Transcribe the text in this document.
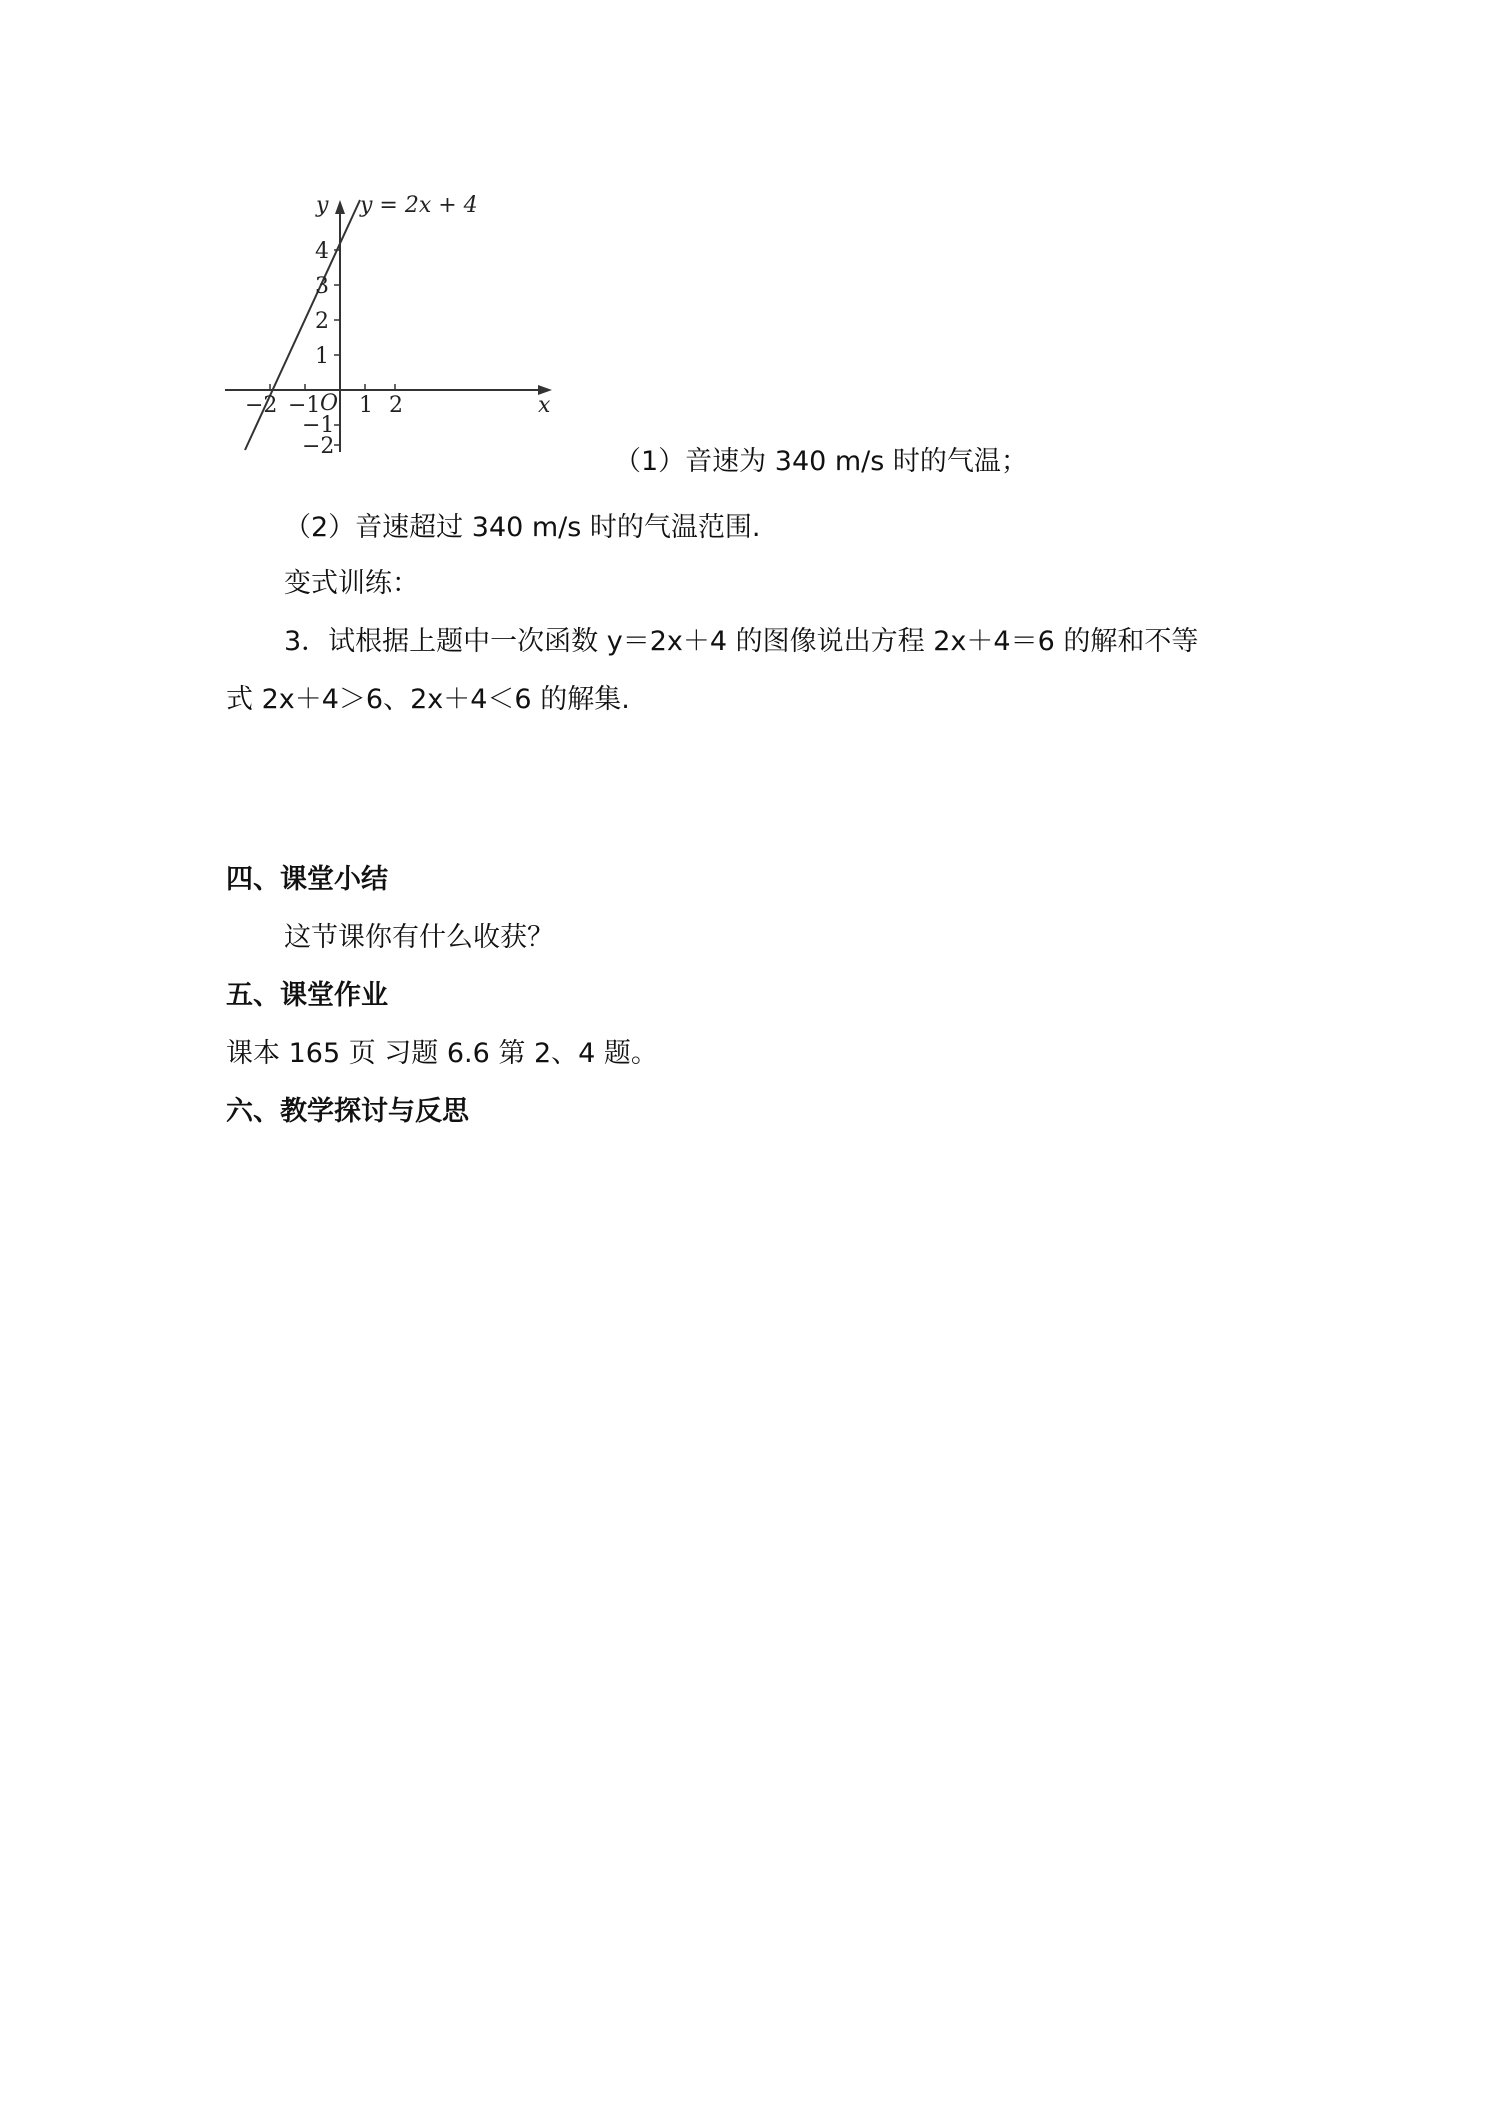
y y = 2x + 4
x
O
4
3
2
1
−1
−2
−2 −1 1 2
（1）音速为 340 m/s 时的气温；
（2）音速超过 340 m/s 时的气温范围.
变式训练：
3．试根据上题中一次函数 y＝2x＋4 的图像说出方程 2x＋4＝6 的解和不等
式 2x＋4＞6、2x＋4＜6 的解集.
四、课堂小结
这节课你有什么收获？
五、课堂作业
课本 165 页 习题 6.6 第 2、4 题。
六、教学探讨与反思
